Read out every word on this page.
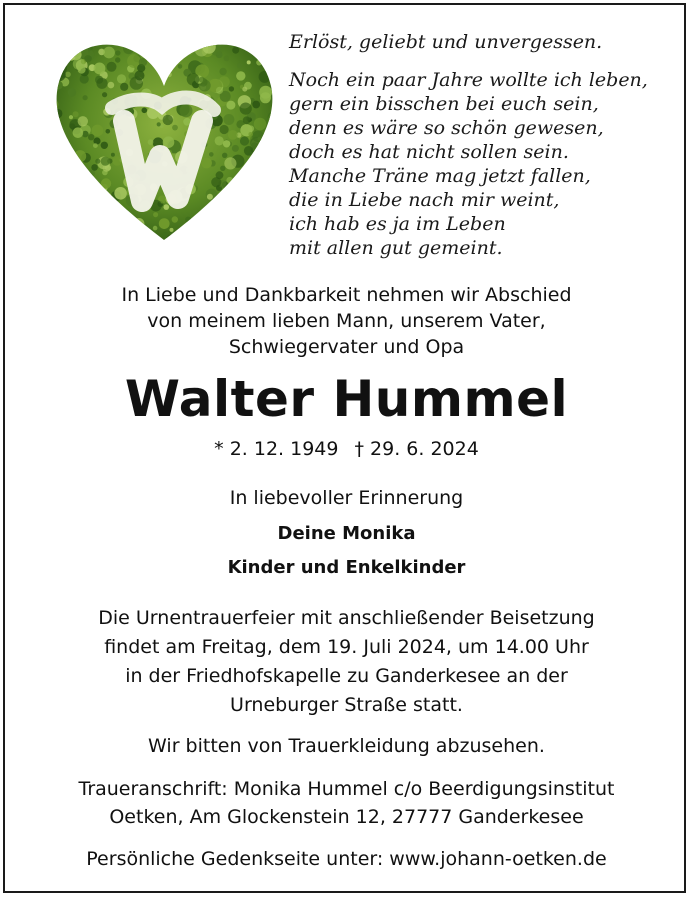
Erlöst, geliebt und unvergessen.
Noch ein paar Jahre wollte ich leben,
gern ein bisschen bei euch sein,
denn es wäre so schön gewesen,
doch es hat nicht sollen sein.
Manche Träne mag jetzt fallen,
die in Liebe nach mir weint,
ich hab es ja im Leben
mit allen gut gemeint.
In Liebe und Dankbarkeit nehmen wir Abschied
von meinem lieben Mann, unserem Vater,
Schwiegervater und Opa
Walter Hummel
* 2. 12. 1949 † 29. 6. 2024
In liebevoller Erinnerung
Deine Monika
Kinder und Enkelkinder
Die Urnentrauerfeier mit anschließender Beisetzung
findet am Freitag, dem 19. Juli 2024, um 14.00 Uhr
in der Friedhofskapelle zu Ganderkesee an der
Urneburger Straße statt.
Wir bitten von Trauerkleidung abzusehen.
Traueranschrift: Monika Hummel c/o Beerdigungsinstitut
Oetken, Am Glockenstein 12, 27777 Ganderkesee
Persönliche Gedenkseite unter: www.johann-oetken.de
